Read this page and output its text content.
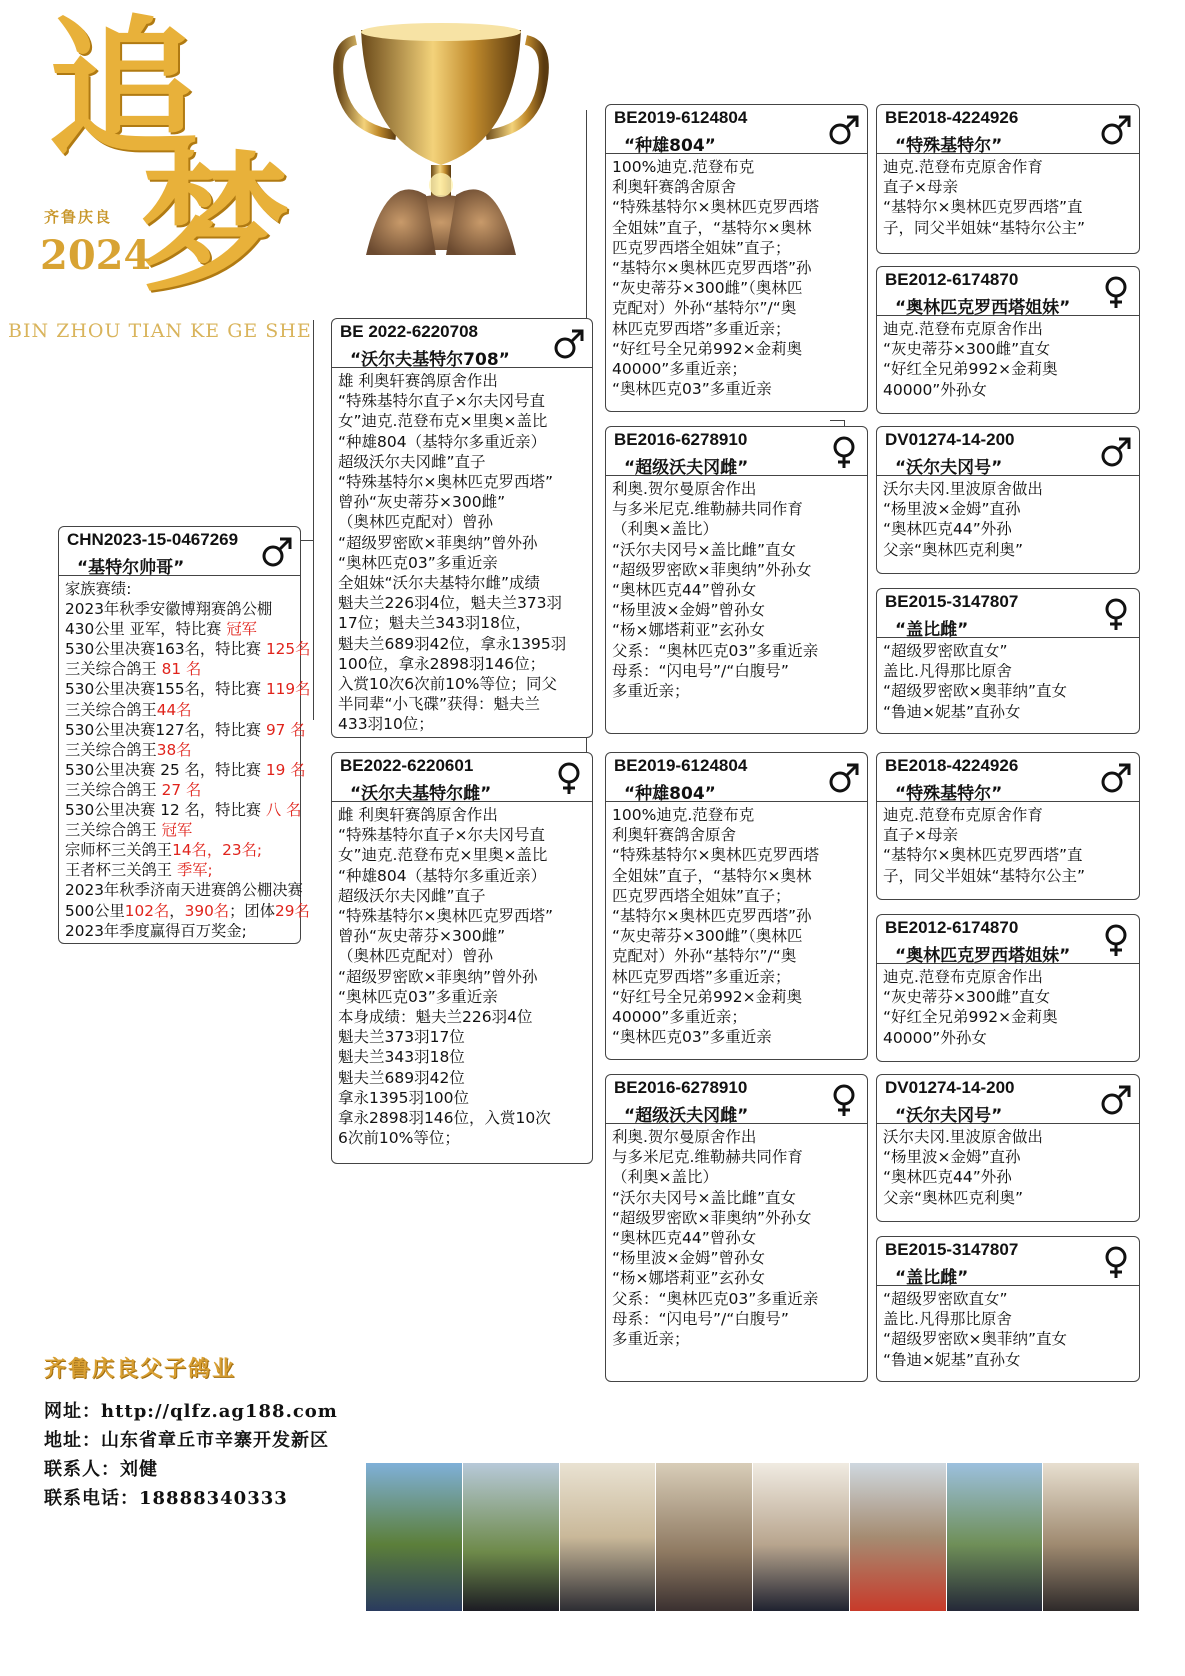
追
梦
齐鲁庆良
2024
BIN ZHOU TIAN KE GE SHE
CHN2023-15-0467269
“基特尔帅哥”
家族赛绩:
2023年秋季安徽博翔赛鸽公棚
430公里 亚军，特比赛 冠军
530公里决赛163名，特比赛 125名
三关综合鸽王 81 名
530公里决赛155名，特比赛 119名
三关综合鸽王44名
530公里决赛127名，特比赛 97 名
三关综合鸽王38名
530公里决赛 25 名，特比赛 19 名
三关综合鸽王 27 名
530公里决赛 12 名，特比赛 八 名
三关综合鸽王 冠军
宗师杯三关鸽王14名，23名;
王者杯三关鸽王 季军;
2023年秋季济南天进赛鸽公棚决赛
500公里102名，390名；团体29名
2023年季度赢得百万奖金;
BE 2022-6220708
“沃尔夫基特尔708”
雄 利奥轩赛鸽原舍作出
“特殊基特尔直子×尔夫冈号直
女”迪克.范登布克×里奥×盖比
“种雄804（基特尔多重近亲）
超级沃尔夫冈雌”直子
“特殊基特尔×奥林匹克罗西塔”
曾孙“灰史蒂芬×300雌”
（奥林匹克配对）曾孙
“超级罗密欧×菲奥纳”曾外孙
“奥林匹克03”多重近亲
全姐妹“沃尔夫基特尔雌”成绩
魁夫兰226羽4位，魁夫兰373羽
17位；魁夫兰343羽18位，
魁夫兰689羽42位，拿永1395羽
100位，拿永2898羽146位；
入赏10次6次前10%等位；同父
半同辈“小飞碟”获得：魁夫兰
433羽10位；
BE2022-6220601
“沃尔夫基特尔雌”
雌 利奥轩赛鸽原舍作出
“特殊基特尔直子×尔夫冈号直
女”迪克.范登布克×里奥×盖比
“种雄804（基特尔多重近亲）
超级沃尔夫冈雌”直子
“特殊基特尔×奥林匹克罗西塔”
曾孙“灰史蒂芬×300雌”
（奥林匹克配对）曾孙
“超级罗密欧×菲奥纳”曾外孙
“奥林匹克03”多重近亲
本身成绩：魁夫兰226羽4位
魁夫兰373羽17位
魁夫兰343羽18位
魁夫兰689羽42位
拿永1395羽100位
拿永2898羽146位，入赏10次
6次前10%等位；
BE2019-6124804
“种雄804”
100%迪克.范登布克
利奥轩赛鸽舍原舍
“特殊基特尔×奥林匹克罗西塔
全姐妹”直子，“基特尔×奥林
匹克罗西塔全姐妹”直子；
“基特尔×奥林匹克罗西塔”孙
“灰史蒂芬×300雌”（奥林匹
克配对）外孙“基特尔”/“奥
林匹克罗西塔”多重近亲；
“好红号全兄弟992×金莉奥
40000”多重近亲；
“奥林匹克03”多重近亲
BE2016-6278910
“超级沃夫冈雌”
利奥.贺尔曼原舍作出
与多米尼克.维勒赫共同作育
（利奥×盖比）
“沃尔夫冈号×盖比雌”直女
“超级罗密欧×菲奥纳”外孙女
“奥林匹克44”曾孙女
“杨里波×金姆”曾孙女
“杨×娜塔莉亚”玄孙女
父系：“奥林匹克03”多重近亲
母系：“闪电号”/“白腹号”
多重近亲；
BE2019-6124804
“种雄804”
100%迪克.范登布克
利奥轩赛鸽舍原舍
“特殊基特尔×奥林匹克罗西塔
全姐妹”直子，“基特尔×奥林
匹克罗西塔全姐妹”直子；
“基特尔×奥林匹克罗西塔”孙
“灰史蒂芬×300雌”（奥林匹
克配对）外孙“基特尔”/“奥
林匹克罗西塔”多重近亲；
“好红号全兄弟992×金莉奥
40000”多重近亲；
“奥林匹克03”多重近亲
BE2016-6278910
“超级沃夫冈雌”
利奥.贺尔曼原舍作出
与多米尼克.维勒赫共同作育
（利奥×盖比）
“沃尔夫冈号×盖比雌”直女
“超级罗密欧×菲奥纳”外孙女
“奥林匹克44”曾孙女
“杨里波×金姆”曾孙女
“杨×娜塔莉亚”玄孙女
父系：“奥林匹克03”多重近亲
母系：“闪电号”/“白腹号”
多重近亲；
BE2018-4224926
“特殊基特尔”
迪克.范登布克原舍作育
直子×母亲
“基特尔×奥林匹克罗西塔”直
子，同父半姐妹“基特尔公主”
BE2012-6174870
“奥林匹克罗西塔姐妹”
迪克.范登布克原舍作出
“灰史蒂芬×300雌”直女
“好红全兄弟992×金莉奥
40000”外孙女
DV01274-14-200
“沃尔夫冈号”
沃尔夫冈.里波原舍做出
“杨里波×金姆”直孙
“奥林匹克44”外孙
父亲“奥林匹克利奥”
BE2015-3147807
“盖比雌”
“超级罗密欧直女”
盖比.凡得那比原舍
“超级罗密欧×奥菲纳”直女
“鲁迪×妮基”直孙女
BE2018-4224926
“特殊基特尔”
迪克.范登布克原舍作育
直子×母亲
“基特尔×奥林匹克罗西塔”直
子，同父半姐妹“基特尔公主”
BE2012-6174870
“奥林匹克罗西塔姐妹”
迪克.范登布克原舍作出
“灰史蒂芬×300雌”直女
“好红全兄弟992×金莉奥
40000”外孙女
DV01274-14-200
“沃尔夫冈号”
沃尔夫冈.里波原舍做出
“杨里波×金姆”直孙
“奥林匹克44”外孙
父亲“奥林匹克利奥”
BE2015-3147807
“盖比雌”
“超级罗密欧直女”
盖比.凡得那比原舍
“超级罗密欧×奥菲纳”直女
“鲁迪×妮基”直孙女
齐鲁庆良父子鸽业
网址：http://qlfz.ag188.com
地址：山东省章丘市辛寨开发新区
联系人：刘健
联系电话：18888340333
